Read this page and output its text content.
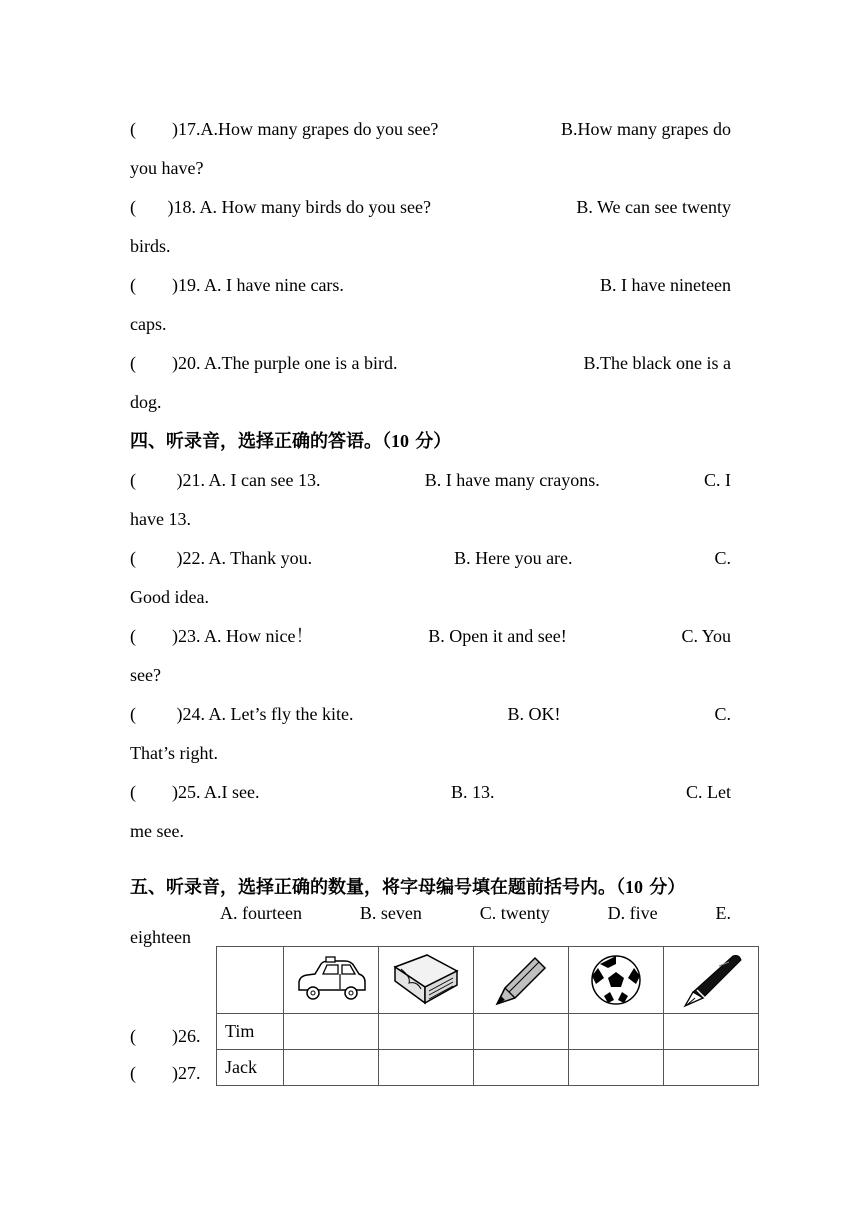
(        )17.A.How many grapes do you see?	B.How many grapes do
you have?
(       )18. A. How many birds do you see?	B. We can see twenty
birds.
(        )19. A. I have nine cars.	B. I have nineteen
caps.
(        )20. A.The purple one is a bird.	B.The black one is a
dog.
四、听录音，选择正确的答语。（10 分）
(         )21. A. I can see 13.	B. I have many crayons.	C. I
have 13.
(         )22. A. Thank you.	B. Here you are.	C.
Good idea.
(        )23. A. How nice！	B. Open it and see!	C. You
see?
(         )24. A. Let’s fly the kite.	B. OK!	C.
That’s right.
(        )25. A.I see.	B. 13.	C. Let
me see.
五、听录音，选择正确的数量，将字母编号填在题前括号内。（10 分）
A. fourteen	B. seven	C. twenty	D. five	E.
eighteen

Tim					
Jack					
(        )26.
(        )27.
